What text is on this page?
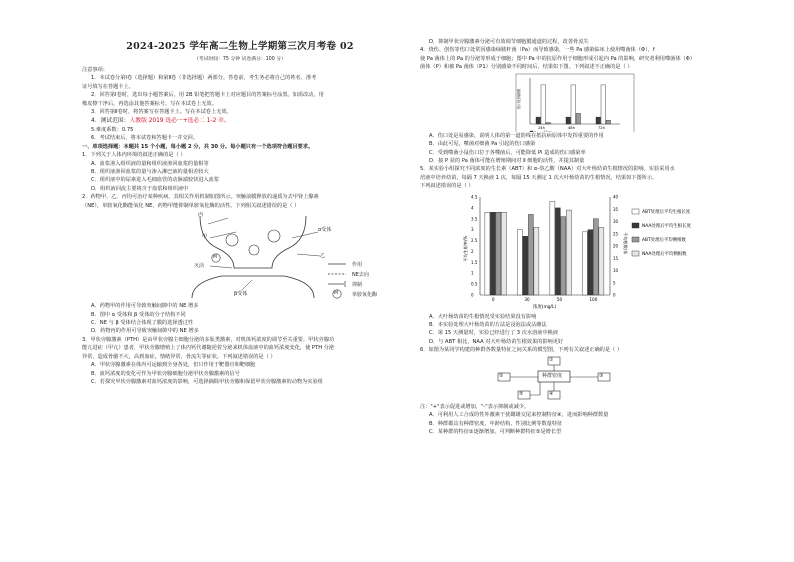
2024-2025 学年高二生物上学期第三次月考卷 02
（考试时间：75 分钟 试卷满分：100 分）
注意事项：
1．本试卷分第Ⅰ卷（选择题）和第Ⅱ卷（非选择题）两部分。答卷前，考生务必将自己的姓名、准考
证号填写在答题卡上。
2．回答第Ⅰ卷时，选出每小题答案后，用 2B 铅笔把答题卡上对应题目的答案标号涂黑。如需改动，用
橡皮擦干净后，再选涂其他答案标号。写在本试卷上无效。
3．回答第Ⅱ卷时，将答案写在答题卡上。写在本试卷上无效。
4．测试范围：人教版 2019 选必一+选必二 1-2 章。
5.难度系数：0.75
6．考试结束后，将本试卷和答题卡一并交回。
一、单项选择题：本题共 15 个小题，每小题 2 分，共 30 分。每小题只有一个选项符合题目要求。
1．下列关于人体内环境的叙述正确的是（ ）
A．血浆渗入组织液的量和组织液渗回血浆的量相等
B．组织液渗回血浆的量与渗入淋巴液的量相差较大
C．组织液中的尿素进入毛细血管的动脉端较快进入血浆
D．组织液回流主要将含于血浆和组织液中
2．药物甲、乙、丙均可治疗某种疾病，其相关作用机制如图所示。突触前膜释放的递质为去甲肾上腺素
（NE），单胺氧化酶能氧化 NE，药物甲能抑制单胺氧化酶的活性。下列相关叙述错误的是（ ）
丙
甲
灭活
α受体
乙
β受体
M
M
作用
NE去向
抑制
单胺氧化酶
A．药物甲的作用可导致突触间隙中的 NE 增多
B．图中 α 受体和 β 受体的分子结构不同
C．NE 与 β 受体结合体现了膜的选择透过性
D．药物丙的作用可导致突触间隙中的 NE 增多
3．甲状旁腺激素（PTH）是由甲状旁腺主细胞分泌的多肽类激素，对机体钙浓度的调节至关重要。甲状旁腺功
能亢进症（甲亢）患者，甲状旁腺增殖上了体内钙代谢随逆着分泌来机体血液中的血钙浓度变化，使 PTH 分泌
异常，造成骨骼不大，高到血症，情绪异常，骨流失等症状。下列叙述错误的是（ ）
A．甲状旁腺激素在体内可运输到全身各处，但只作用于靶器官和靶细胞
B．血钙浓度的变化可作为甲状旁腺细胞分泌甲状旁腺激素的信号
C．若探究甲状旁腺激素对血钙浓度的影响，可选择摘除甲状旁腺和保留甲状旁腺激素的动物为实验组
D．抑制甲状旁腺激素分泌可有效调节细胞膜通道的过程，改善骨流失
4．烧伤、创伤等伤口处常因感染绿脓杆菌（Pa）而导致感染，一些 Pa 感染临床上使用噬菌体（Φ），f
使 Pa 菌体上的 Pa 的分泌等形成于细胞；图中 Pa 中的抗原作用于细胞形成引起内 Pa 的影响，研究者利用噬菌体（Φ）
菌体（P）和被 Pa 菌体（P1）分别感染不同时间后，结果如下图。下列叙述不正确的是（ ）
伤口处细菌数
24h	48h	72h
A．伤口处是易感染，说明人体的第一道防线在抵抗病原体中发挥重要的作用
B．由此可见，噬菌对细菌 Pa 引起的伤口感染
C．受到噬菌小鼠伤口位于各噬菌后，可能降低 Pi 造成的伤口感染率
D．接 P 获的 Pa 菌体可能在增殖期间对 Ⅱ 细胞的活性，并提其制量
5．某实验小组探究不同浓度的生长素（ABT）和 α-萘乙酸（NAA）对大叶杨幼苗生根情况的影响。实验采用水
培液中培养幼苗，每隔 7 天换液 1 次，每隔 15 天测定 1 次大叶杨幼苗的生根情况，结果如下图所示。
下列叙述错误的是（ ）
0
0.5
1
1.5
2
2.5
3
3.5
4
4.5
0
5
10
15
20
25
30
35
40
平均生根率/%	平均根数/条
0	30	50	100
浓度(mg/L)
ABT处理后平均生根长度
NAA处理后平均生根长度
ABT处理后平均侧根数
NAA处理后平均侧根数
A．大叶杨幼苗的生根情况受实验结果没有影响
B．本实验处理大叶杨幼苗的方法是浸泡法或沾蘸法
C．第 15 天测量时，实验已经进行了 3 次水溶液中换液
D．与 ABT 相比，NAA 对大叶杨幼苗生根效果的影响更好
6．如图为某同学构建的种群各数量特征之间关系的模型图，下列有关叙述正确的是（ ）
①
②	种群密度	③
④
⑤
注："+"表示促进或增加，"-"表示抑制或减少。
A．可利用人工合成的性外激素干扰雌雄交尾来控制特征④，进而影响种群数量
B．种群都具有种群密度、年龄结构、性别比例等数量特征
C．某种群的特征②逐渐增加，可判断种群特征⑤是增长型
